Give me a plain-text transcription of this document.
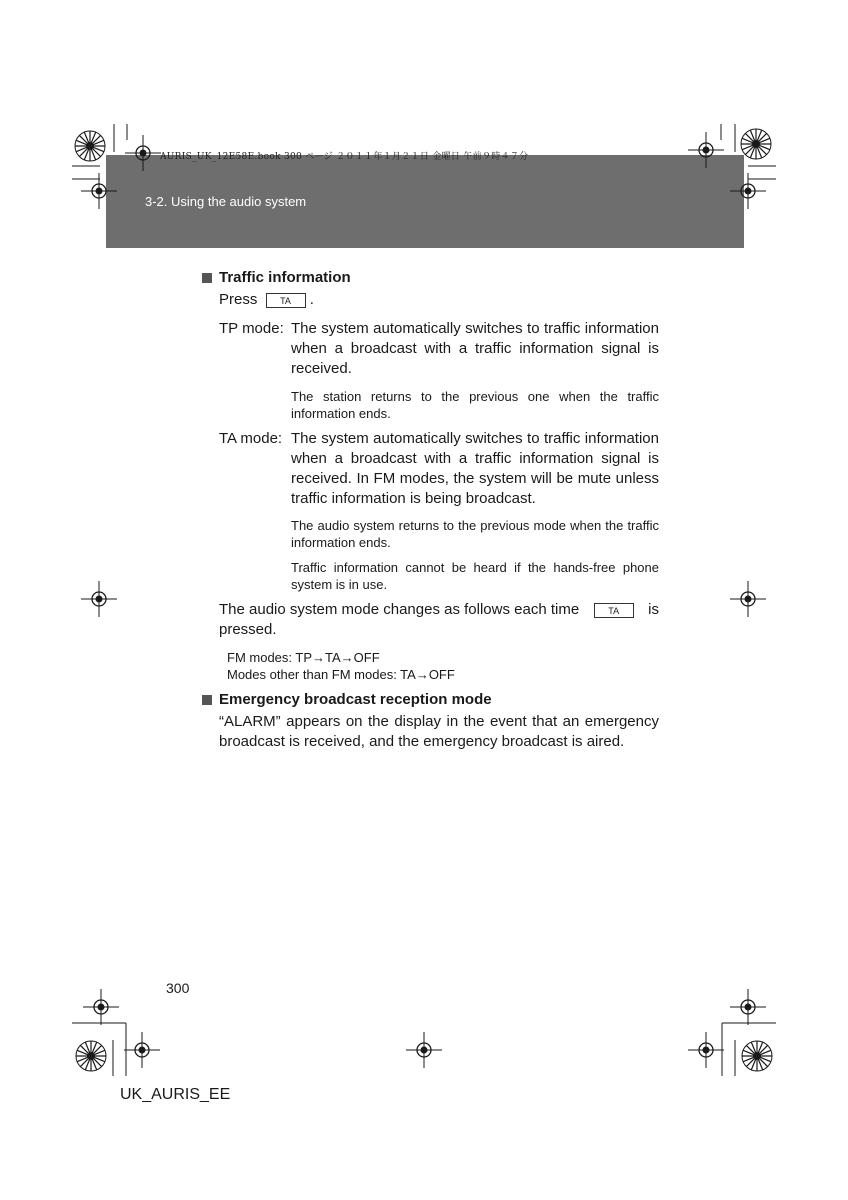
3-2. Using the audio system
AURIS_UK_12E58E.book 300 ページ ２０１１年１月２１日 金曜日 午前９時４７分
Traffic information
Press	TA .
TP mode: The system automatically switches to traffic information when a broadcast with a traffic information signal is received.
The station returns to the previous one when the traffic information ends.
TA mode: The system automatically switches to traffic information when a broadcast with a traffic information signal is received. In FM modes, the system will be mute unless traffic information is being broadcast.
The audio system returns to the previous mode when the traffic information ends.
Traffic information cannot be heard if the hands-free phone system is in use.
The audio system mode changes as follows each time	TA	is
pressed.
FM modes: TP→TA→OFF
Modes other than FM modes: TA→OFF
Emergency broadcast reception mode
“ALARM” appears on the display in the event that an emergency broadcast is received, and the emergency broadcast is aired.
300
UK_AURIS_EE
